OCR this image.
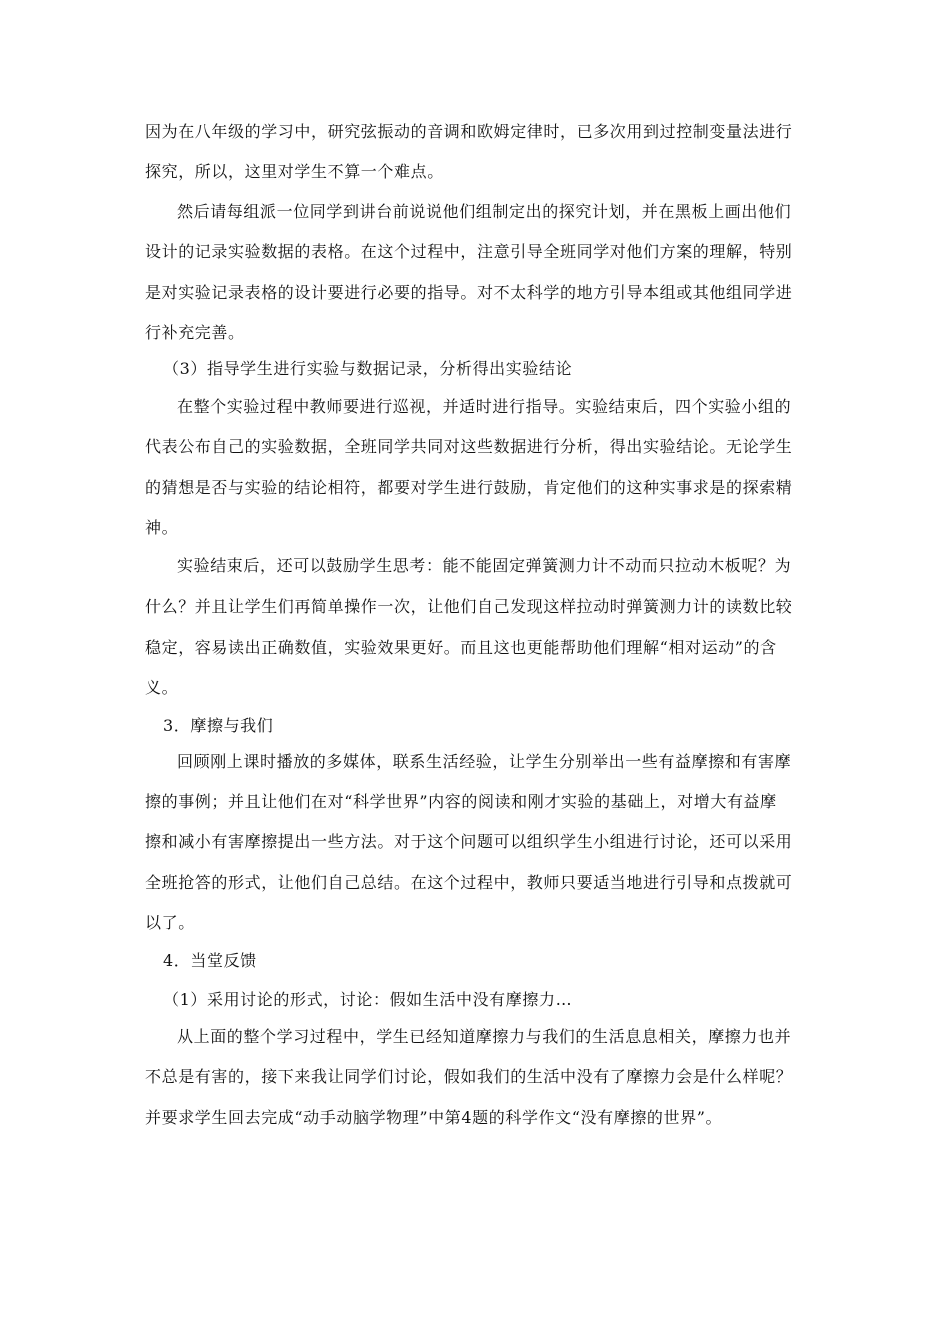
因为在八年级的学习中，研究弦振动的音调和欧姆定律时，已多次用到过控制变量法进行
探究，所以，这里对学生不算一个难点。
然后请每组派一位同学到讲台前说说他们组制定出的探究计划，并在黑板上画出他们
设计的记录实验数据的表格。在这个过程中，注意引导全班同学对他们方案的理解，特别
是对实验记录表格的设计要进行必要的指导。对不太科学的地方引导本组或其他组同学进
行补充完善。
（3）指导学生进行实验与数据记录，分析得出实验结论
在整个实验过程中教师要进行巡视，并适时进行指导。实验结束后，四个实验小组的
代表公布自己的实验数据，全班同学共同对这些数据进行分析，得出实验结论。无论学生
的猜想是否与实验的结论相符，都要对学生进行鼓励，肯定他们的这种实事求是的探索精
神。
实验结束后，还可以鼓励学生思考：能不能固定弹簧测力计不动而只拉动木板呢？为
什么？并且让学生们再简单操作一次，让他们自己发现这样拉动时弹簧测力计的读数比较
稳定，容易读出正确数值，实验效果更好。而且这也更能帮助他们理解“相对运动”的含
义。
3．摩擦与我们
回顾刚上课时播放的多媒体，联系生活经验，让学生分别举出一些有益摩擦和有害摩
擦的事例；并且让他们在对“科学世界”内容的阅读和刚才实验的基础上，对增大有益摩
擦和减小有害摩擦提出一些方法。对于这个问题可以组织学生小组进行讨论，还可以采用
全班抢答的形式，让他们自己总结。在这个过程中，教师只要适当地进行引导和点拨就可
以了。
4．当堂反馈
（1）采用讨论的形式，讨论：假如生活中没有摩擦力…
从上面的整个学习过程中，学生已经知道摩擦力与我们的生活息息相关，摩擦力也并
不总是有害的，接下来我让同学们讨论，假如我们的生活中没有了摩擦力会是什么样呢？
并要求学生回去完成“动手动脑学物理”中第4题的科学作文“没有摩擦的世界”。
